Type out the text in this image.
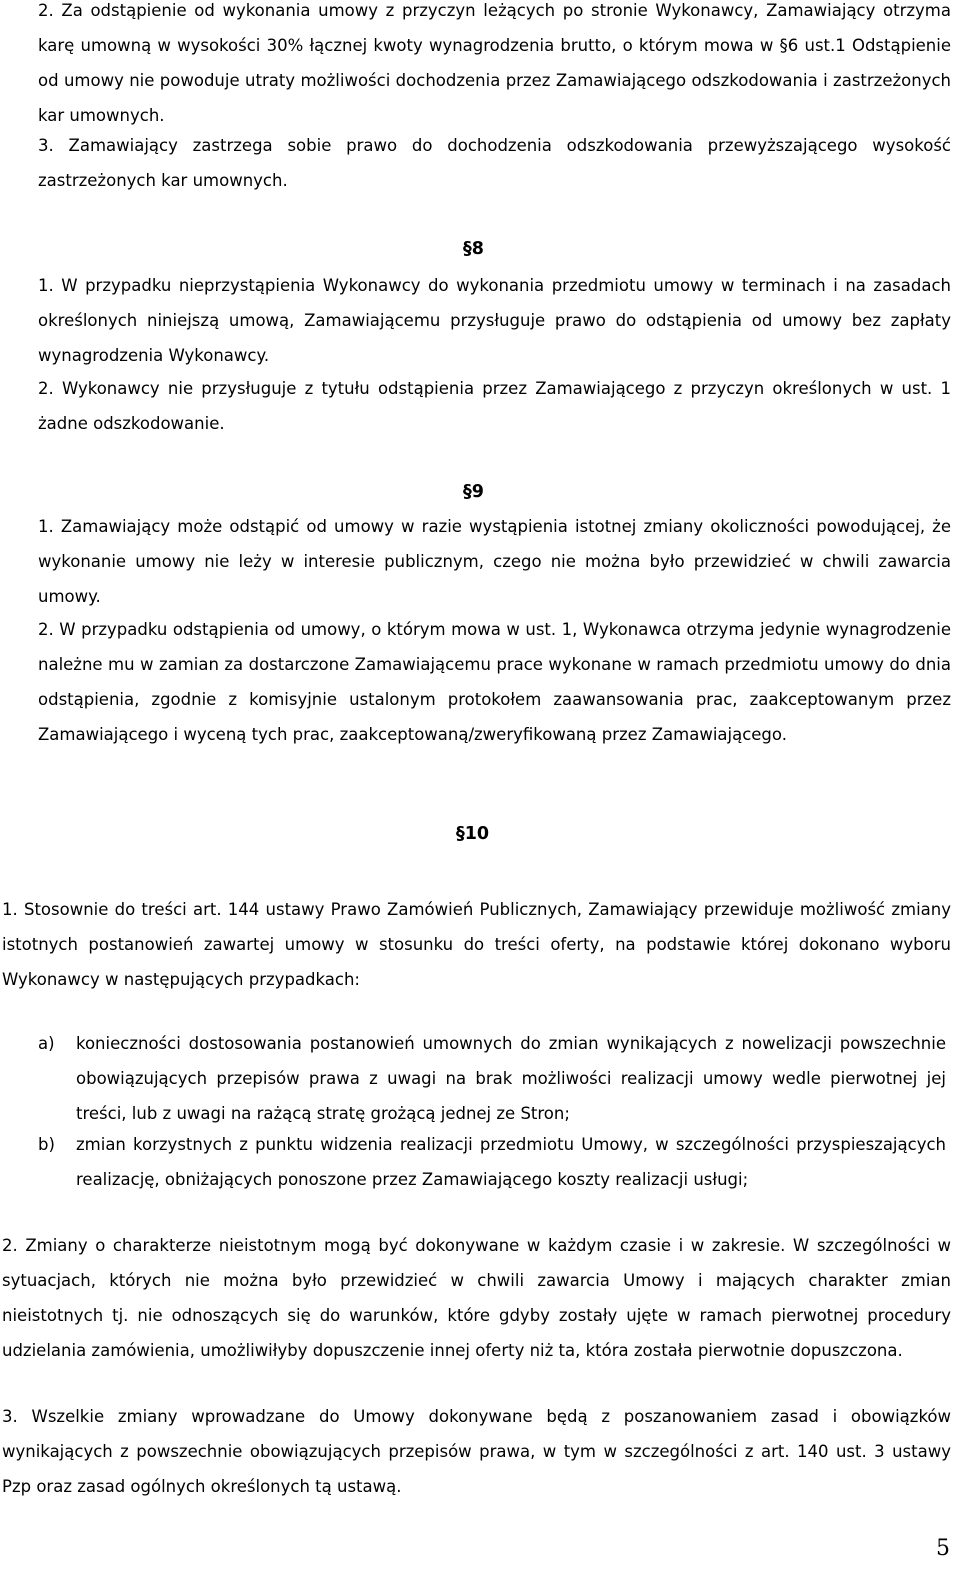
2. Za odstąpienie od wykonania umowy z przyczyn leżących po stronie Wykonawcy, Zamawiający otrzyma karę umowną w wysokości 30% łącznej kwoty wynagrodzenia brutto, o którym mowa w §6 ust.1 Odstąpienie od umowy nie powoduje utraty możliwości dochodzenia przez Zamawiającego odszkodowania i zastrzeżonych kar umownych.

3. Zamawiający zastrzega sobie prawo do dochodzenia odszkodowania przewyższającego wysokość zastrzeżonych kar umownych.

§8

1. W przypadku nieprzystąpienia Wykonawcy do wykonania przedmiotu umowy w terminach i na zasadach określonych niniejszą umową, Zamawiającemu przysługuje prawo do odstąpienia od umowy bez zapłaty wynagrodzenia Wykonawcy.

2. Wykonawcy nie przysługuje z tytułu odstąpienia przez Zamawiającego z przyczyn określonych w ust. 1 żadne odszkodowanie.

§9

1. Zamawiający może odstąpić od umowy w razie wystąpienia istotnej zmiany okoliczności powodującej, że wykonanie umowy nie leży w interesie publicznym, czego nie można było przewidzieć w chwili zawarcia umowy.

2. W przypadku odstąpienia od umowy, o którym mowa w ust. 1, Wykonawca otrzyma jedynie wynagrodzenie należne mu w zamian za dostarczone Zamawiającemu prace wykonane w ramach przedmiotu umowy do dnia odstąpienia, zgodnie z komisyjnie ustalonym protokołem zaawansowania prac, zaakceptowanym przez Zamawiającego i wyceną tych prac, zaakceptowaną/zweryfikowaną przez Zamawiającego.

§10

1. Stosownie do treści art. 144 ustawy Prawo Zamówień Publicznych, Zamawiający przewiduje możliwość zmiany istotnych postanowień zawartej umowy w stosunku do treści oferty, na podstawie której dokonano wyboru Wykonawcy w następujących przypadkach:

a)	konieczności dostosowania postanowień umownych do zmian wynikających z nowelizacji powszechnie obowiązujących przepisów prawa z uwagi na brak możliwości realizacji umowy wedle pierwotnej jej treści, lub z uwagi na rażącą stratę grożącą jednej ze Stron;
b)	zmian korzystnych z punktu widzenia realizacji przedmiotu Umowy, w szczególności przyspieszających realizację, obniżających ponoszone przez Zamawiającego koszty realizacji usługi;

2. Zmiany o charakterze nieistotnym mogą być dokonywane w każdym czasie i w zakresie. W szczególności w sytuacjach, których nie można było przewidzieć w chwili zawarcia Umowy i mających charakter zmian nieistotnych tj. nie odnoszących się do warunków, które gdyby zostały ujęte w ramach pierwotnej procedury udzielania zamówienia, umożliwiłyby dopuszczenie innej oferty niż ta, która została pierwotnie dopuszczona.

3. Wszelkie zmiany wprowadzane do Umowy dokonywane będą z poszanowaniem zasad i obowiązków wynikających z powszechnie obowiązujących przepisów prawa, w tym w szczególności z art. 140 ust. 3 ustawy Pzp oraz zasad ogólnych określonych tą ustawą.

5
